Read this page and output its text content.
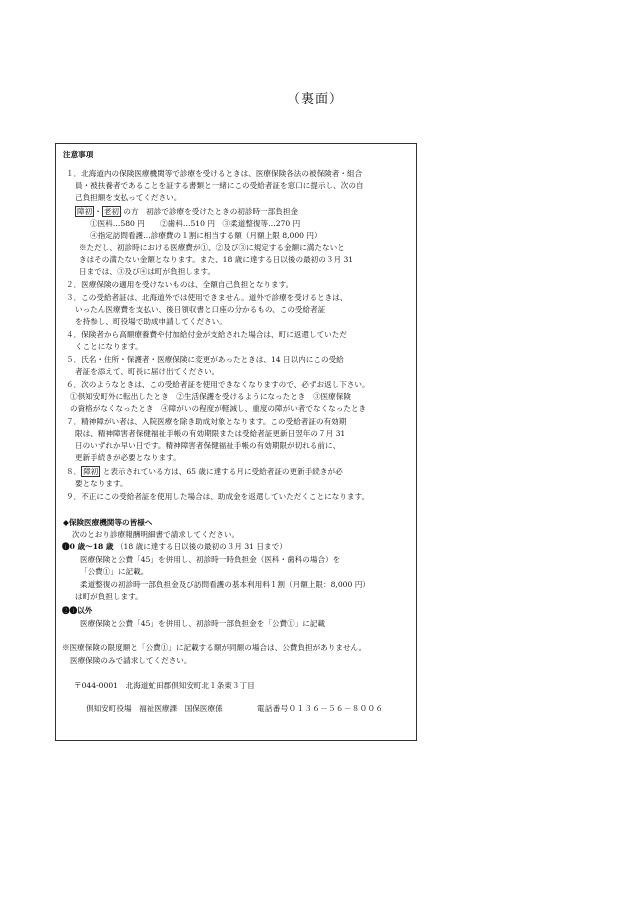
（裏面）
注意事項
１．北海道内の保険医療機関等で診療を受けるときは、医療保険各法の被保険者・組合
員・被扶養者であることを証する書類と一緒にこの受給者証を窓口に提示し、次の自
己負担額を支払ってください。
障初 ・ 老初 の方　初診で診療を受けたときの初診時一部負担金
①医科…580 円　　②歯科…510 円　③柔道整復等…270 円
④指定訪問看護…診療費の１割に相当する額（月額上限 8,000 円）
※ただし、初診時における医療費が①、②及び③に規定する金額に満たないと
きはその満たない金額となります。また、18 歳に達する日以後の最初の３月 31
日までは、③及び④は町が負担します。
２．医療保険の適用を受けないものは、全額自己負担となります。
３．この受給者証は、北海道外では使用できません。道外で診療を受けるときは、
いったん医療費を支払い、後日領収書と口座の分かるもの、この受給者証
を持参し、町役場で助成申請してください。
４．保険者から高額療養費や付加給付金が支給された場合は、町に返還していただ
くことになります。
５．氏名・住所・保護者・医療保険に変更があったときは、14 日以内にこの受給
者証を添えて、町長に届け出てください。
６．次のようなときは、この受給者証を使用できなくなりますので、必ずお返し下さい。
①倶知安町外に転出したとき　②生活保護を受けるようになったとき　③医療保険
の資格がなくなったとき　④障がいの程度が軽減し、重度の障がい者でなくなったとき
７．精神障がい者は、入院医療を除き助成対象となります。この受給者証の有効期
限は、精神障害者保健福祉手帳の有効期限または受給者証更新日翌年の７月 31
日のいずれか早い日です。精神障害者保健福祉手帳の有効期限が切れる前に、
更新手続きが必要となります。
８． 障初 と表示されている方は、65 歳に達する月に受給者証の更新手続きが必
要となります。
９．不正にこの受給者証を使用した場合は、助成金を返還していただくことになります。
◆保険医療機関等の皆様へ
次のとおり診療報酬明細書で請求してください。
❶0 歳～18 歳 （18 歳に達する日以後の最初の３月 31 日まで）
医療保険と公費「45」を併用し、初診時一時負担金（医科・歯科の場合）を
「公費①」に記載。
柔道整復の初診時一部負担金及び訪問看護の基本利用料１割（月額上限：8,000 円）
は町が負担します。
❷❶以外
医療保険と公費「45」を併用し、初診時一部負担金を「公費①」に記載
※医療保険の限度額と「公費①」に記載する額が同額の場合は、公費負担がありません。
医療保険のみで請求してください。
〒044-0001　北海道虻田郡倶知安町北１条東３丁目
倶知安町役場　福祉医療課　国保医療係	電話番号０１３６－５６－８００６
